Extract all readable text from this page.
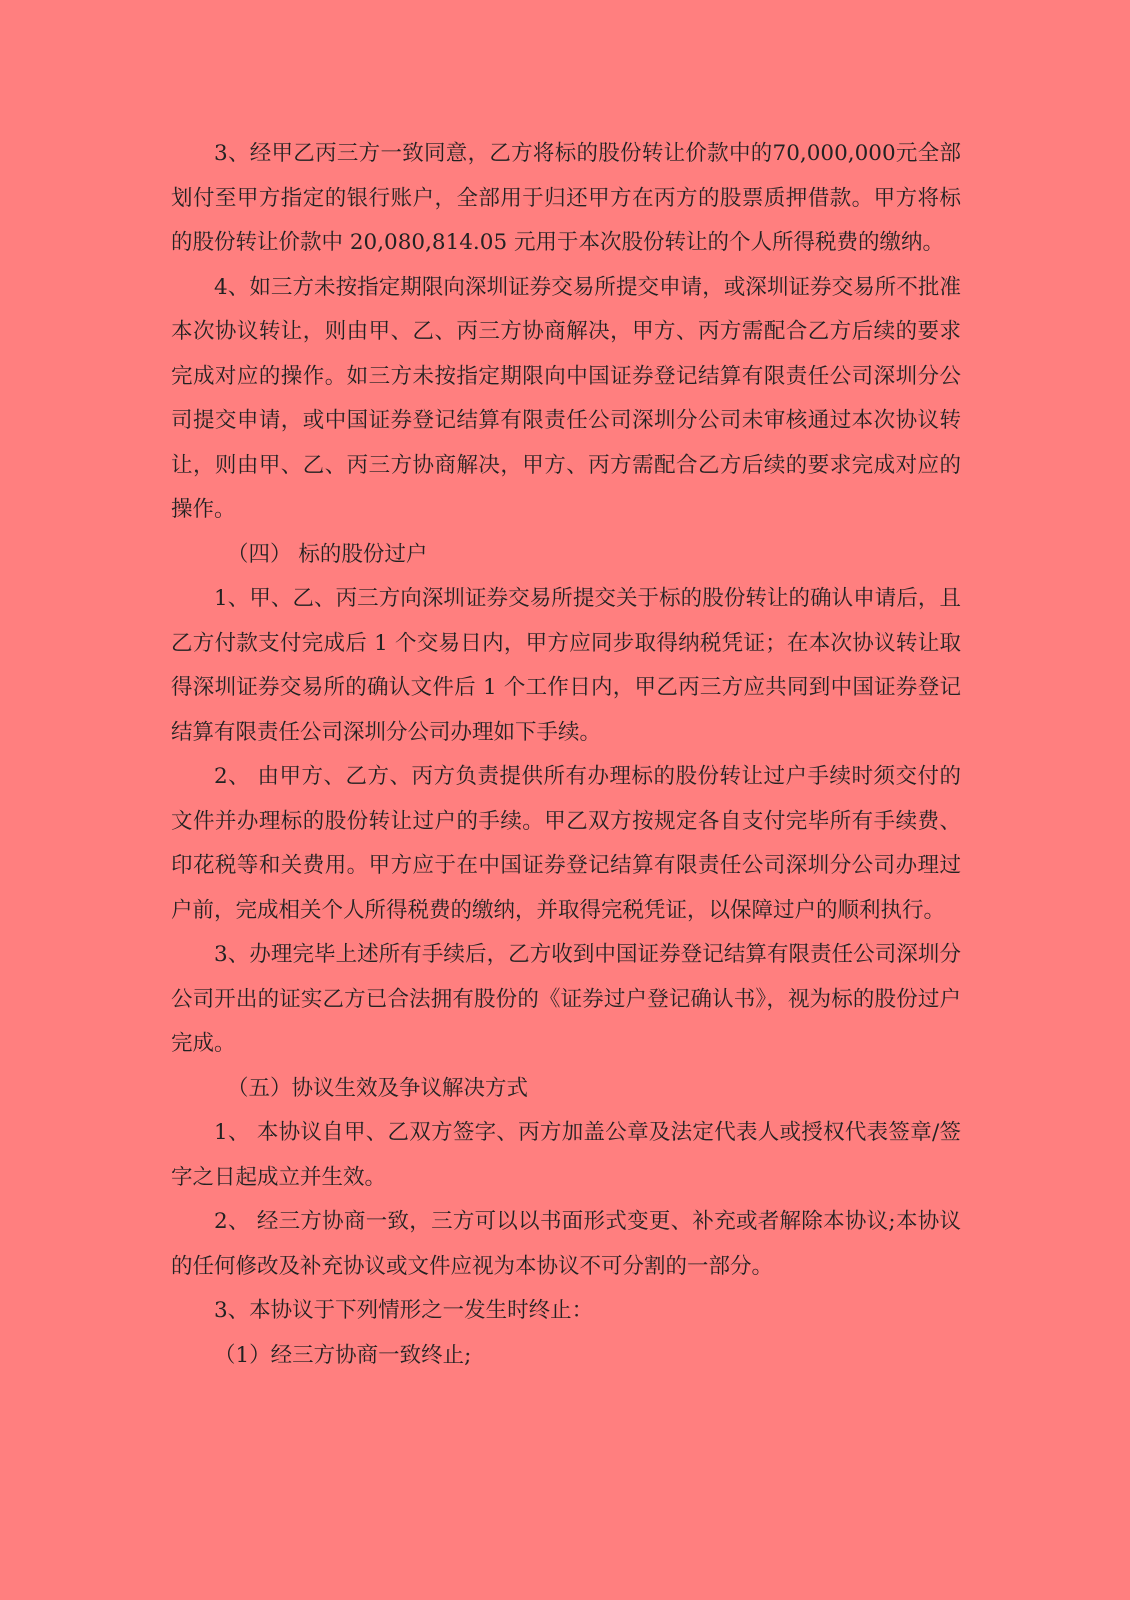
3、经甲乙丙三方一致同意，乙方将标的股份转让价款中的70,000,000元全部划付至甲方指定的银行账户，全部用于归还甲方在丙方的股票质押借款。甲方将标的股份转让价款中 20,080,814.05 元用于本次股份转让的个人所得税费的缴纳。

4、如三方未按指定期限向深圳证券交易所提交申请，或深圳证券交易所不批准本次协议转让，则由甲、乙、丙三方协商解决，甲方、丙方需配合乙方后续的要求完成对应的操作。如三方未按指定期限向中国证券登记结算有限责任公司深圳分公司提交申请，或中国证券登记结算有限责任公司深圳分公司未审核通过本次协议转让，则由甲、乙、丙三方协商解决，甲方、丙方需配合乙方后续的要求完成对应的操作。

（四） 标的股份过户

1、甲、乙、丙三方向深圳证券交易所提交关于标的股份转让的确认申请后，且乙方付款支付完成后 1 个交易日内，甲方应同步取得纳税凭证；在本次协议转让取得深圳证券交易所的确认文件后 1 个工作日内，甲乙丙三方应共同到中国证券登记结算有限责任公司深圳分公司办理如下手续。

2、 由甲方、乙方、丙方负责提供所有办理标的股份转让过户手续时须交付的文件并办理标的股份转让过户的手续。甲乙双方按规定各自支付完毕所有手续费、印花税等和关费用。甲方应于在中国证券登记结算有限责任公司深圳分公司办理过户前，完成相关个人所得税费的缴纳，并取得完税凭证，以保障过户的顺利执行。

3、办理完毕上述所有手续后，乙方收到中国证券登记结算有限责任公司深圳分公司开出的证实乙方已合法拥有股份的《证券过户登记确认书》，视为标的股份过户完成。

（五）协议生效及争议解决方式

1、 本协议自甲、乙双方签字、丙方加盖公章及法定代表人或授权代表签章/签字之日起成立并生效。

2、 经三方协商一致，三方可以以书面形式变更、补充或者解除本协议;本协议的任何修改及补充协议或文件应视为本协议不可分割的一部分。

3、本协议于下列情形之一发生时终止：

（1）经三方协商一致终止;
